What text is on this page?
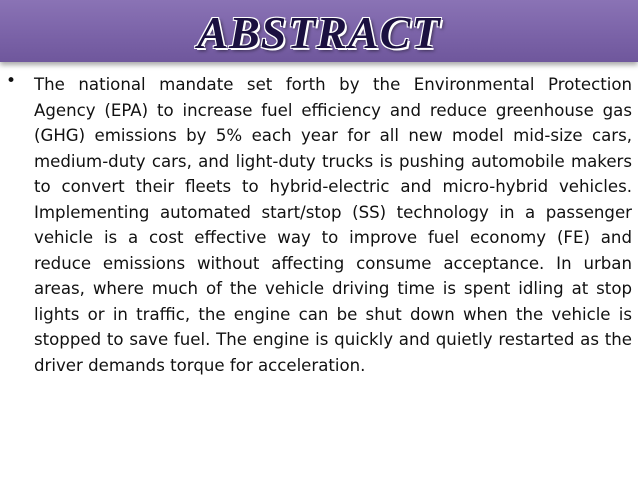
ABSTRACT
• The national mandate set forth by the Environmental Protection Agency (EPA) to increase fuel efficiency and reduce greenhouse gas (GHG) emissions by 5% each year for all new model mid-size cars, medium-duty cars, and light-duty trucks is pushing automobile makers to convert their fleets to hybrid-electric and micro-hybrid vehicles. Implementing automated start/stop (SS) technology in a passenger vehicle is a cost effective way to improve fuel economy (FE) and reduce emissions without affecting consume acceptance. In urban areas, where much of the vehicle driving time is spent idling at stop lights or in traffic, the engine can be shut down when the vehicle is stopped to save fuel. The engine is quickly and quietly restarted as the driver demands torque for acceleration.
